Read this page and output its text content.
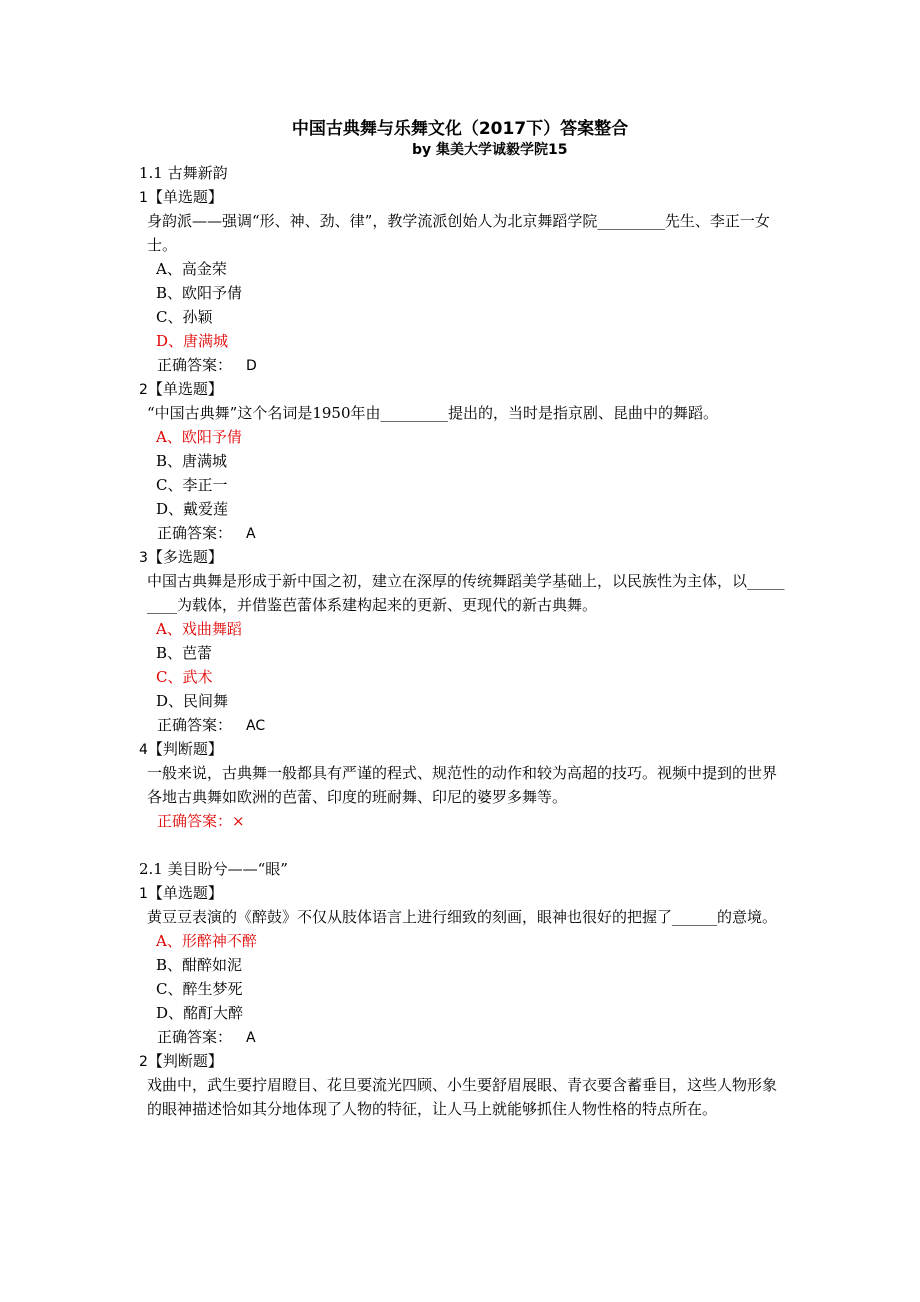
中国古典舞与乐舞文化（2017下）答案整合
by 集美大学诚毅学院15
1.1 古舞新韵
1【单选题】
身韵派——强调“形、神、劲、律”，教学流派创始人为北京舞蹈学院_________先生、李正一女士。
A、高金荣
B、欧阳予倩
C、孙颖
D、唐满城
正确答案： D
2【单选题】
“中国古典舞”这个名词是1950年由_________提出的，当时是指京剧、昆曲中的舞蹈。
A、欧阳予倩
B、唐满城
C、李正一
D、戴爱莲
正确答案： A
3【多选题】
中国古典舞是形成于新中国之初，建立在深厚的传统舞蹈美学基础上，以民族性为主体，以_________为载体，并借鉴芭蕾体系建构起来的更新、更现代的新古典舞。
A、戏曲舞蹈
B、芭蕾
C、武术
D、民间舞
正确答案： AC
4【判断题】
一般来说，古典舞一般都具有严谨的程式、规范性的动作和较为高超的技巧。视频中提到的世界各地古典舞如欧洲的芭蕾、印度的班耐舞、印尼的婆罗多舞等。
正确答案：×
2.1 美目盼兮——“眼”
1【单选题】
黄豆豆表演的《醉鼓》不仅从肢体语言上进行细致的刻画，眼神也很好的把握了______的意境。
A、形醉神不醉
B、酣醉如泥
C、醉生梦死
D、酩酊大醉
正确答案： A
2【判断题】
戏曲中，武生要拧眉瞪目、花旦要流光四顾、小生要舒眉展眼、青衣要含蓄垂目，这些人物形象的眼神描述恰如其分地体现了人物的特征，让人马上就能够抓住人物性格的特点所在。
